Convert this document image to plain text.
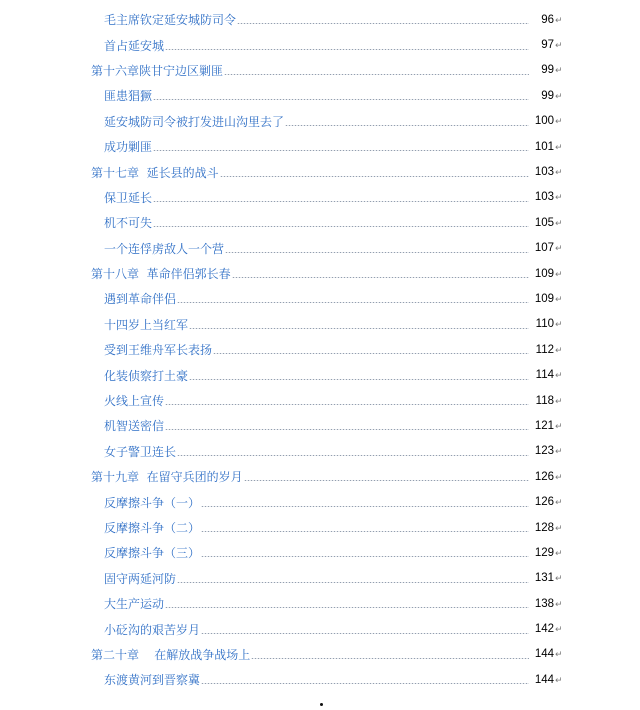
毛主席钦定延安城防司令	96 ↵
首占延安城	97 ↵
第十六章陕甘宁边区剿匪	99 ↵
匪患猖獗	99 ↵
延安城防司令被打发进山沟里去了	100 ↵
成功剿匪	101 ↵
第十七章  延长县的战斗	103 ↵
保卫延长	103 ↵
机不可失	105 ↵
一个连俘虏敌人一个营	107 ↵
第十八章  革命伴侣郭长春	109 ↵
遇到革命伴侣	109 ↵
十四岁上当红军	110 ↵
受到王维舟军长表扬	112 ↵
化装侦察打土豪	114 ↵
火线上宣传	118 ↵
机智送密信	121 ↵
女子警卫连长	123 ↵
第十九章  在留守兵团的岁月	126 ↵
反摩擦斗争（一）	126 ↵
反摩擦斗争（二）	128 ↵
反摩擦斗争（三）	129 ↵
固守两延河防	131 ↵
大生产运动	138 ↵
小砭沟的艰苦岁月	142 ↵
第二十章    在解放战争战场上	144 ↵
东渡黄河到晋察冀	144 ↵
